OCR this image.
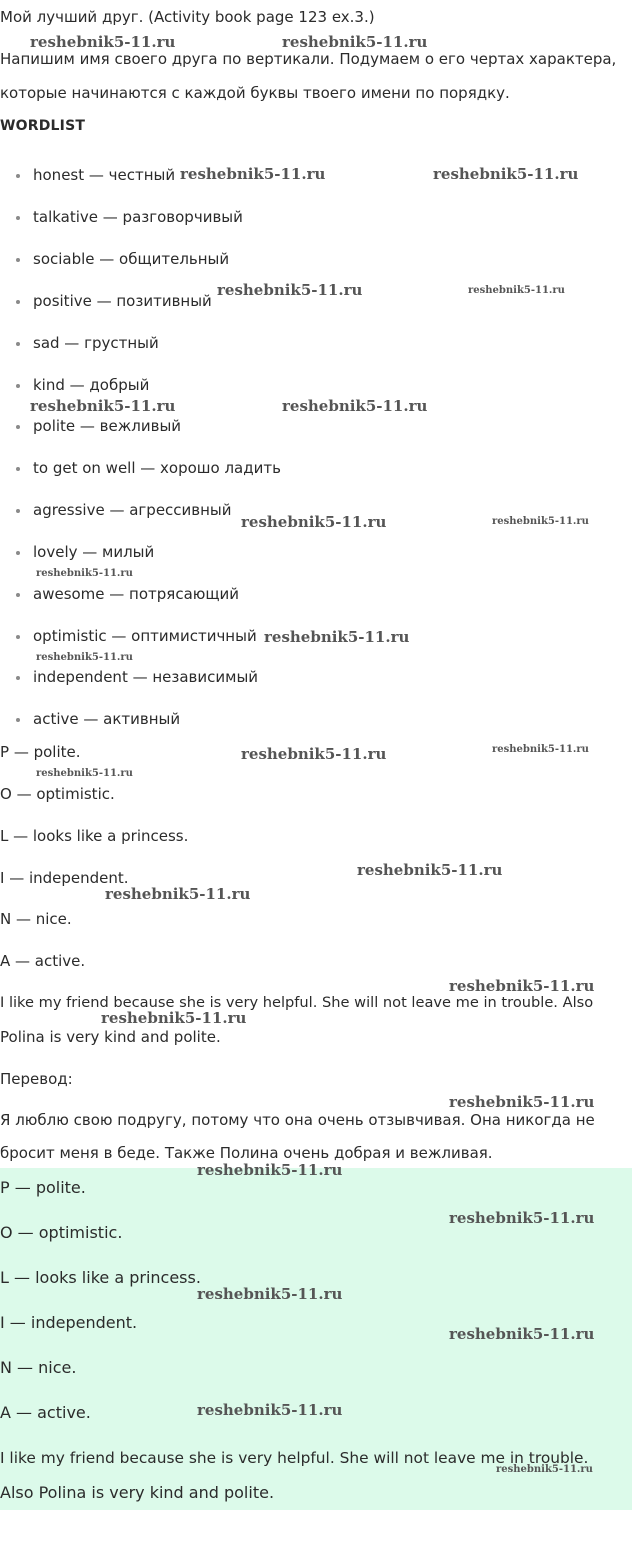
Мой лучший друг. (Activity book page 123 ex.3.)
Напишим имя своего друга по вертикали. Подумаем о его чертах характера,
которые начинаются с каждой буквы твоего имени по порядку.
WORDLIST
honest — честный
talkative — разговорчивый
sociable — общительный
positive — позитивный
sad — грустный
kind — добрый
polite — вежливый
to get on well — хорошо ладить
agressive — агрессивный
lovely — милый
awesome — потрясающий
optimistic — оптимистичный
independent — независимый
active — активный
P — polite.
O — optimistic.
L — looks like a princess.
I — independent.
N — nice.
A — active.
I like my friend because she is very helpful. She will not leave me in trouble. Also
Polina is very kind and polite.
Перевод:
Я люблю свою подругу, потому что она очень отзывчивая. Она никогда не
бросит меня в беде. Также Полина очень добрая и вежливая.
P — polite.
O — optimistic.
L — looks like a princess.
I — independent.
N — nice.
A — active.
I like my friend because she is very helpful. She will not leave me in trouble.
Also Polina is very kind and polite.
reshebnik5-11.ru	reshebnik5-11.ru
reshebnik5-11.ru	reshebnik5-11.ru
reshebnik5-11.ru	reshebnik5-11.ru
reshebnik5-11.ru	reshebnik5-11.ru
reshebnik5-11.ru	reshebnik5-11.ru
reshebnik5-11.ru
reshebnik5-11.ru
reshebnik5-11.ru
reshebnik5-11.ru	reshebnik5-11.ru
reshebnik5-11.ru
reshebnik5-11.ru
reshebnik5-11.ru
reshebnik5-11.ru
reshebnik5-11.ru
reshebnik5-11.ru
reshebnik5-11.ru
reshebnik5-11.ru
reshebnik5-11.ru
reshebnik5-11.ru
reshebnik5-11.ru
reshebnik5-11.ru
